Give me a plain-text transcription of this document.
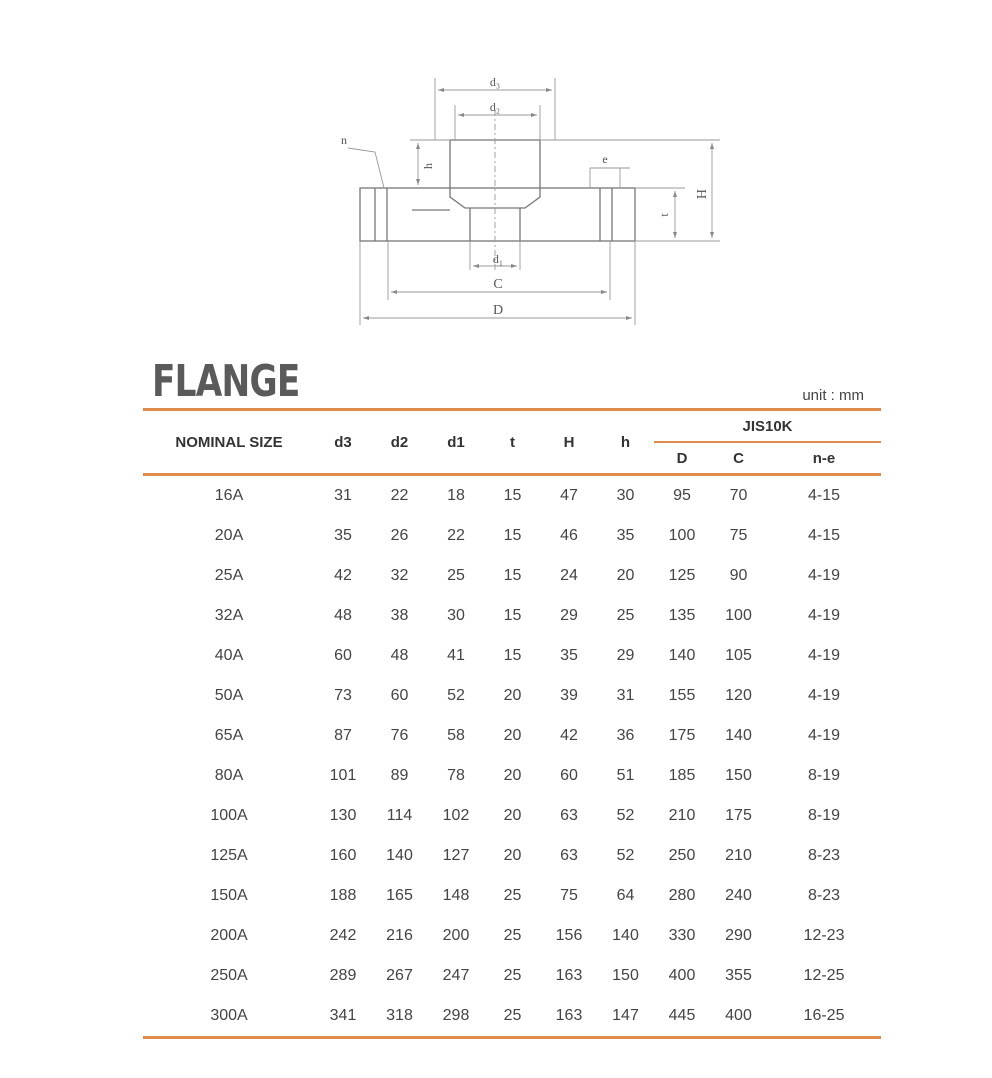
d₃
d₂
d₁
C
D
n
e
h
t
H
FLANGE	unit : mm
NOMINAL SIZE	d3	d2	d1	t	H	h	JIS10K		
							D	C	n-e
16A	31	22	18	15	47	30	95	70	4-15
20A	35	26	22	15	46	35	100	75	4-15
25A	42	32	25	15	24	20	125	90	4-19
32A	48	38	30	15	29	25	135	100	4-19
40A	60	48	41	15	35	29	140	105	4-19
50A	73	60	52	20	39	31	155	120	4-19
65A	87	76	58	20	42	36	175	140	4-19
80A	101	89	78	20	60	51	185	150	8-19
100A	130	114	102	20	63	52	210	175	8-19
125A	160	140	127	20	63	52	250	210	8-23
150A	188	165	148	25	75	64	280	240	8-23
200A	242	216	200	25	156	140	330	290	12-23
250A	289	267	247	25	163	150	400	355	12-25
300A	341	318	298	25	163	147	445	400	16-25
